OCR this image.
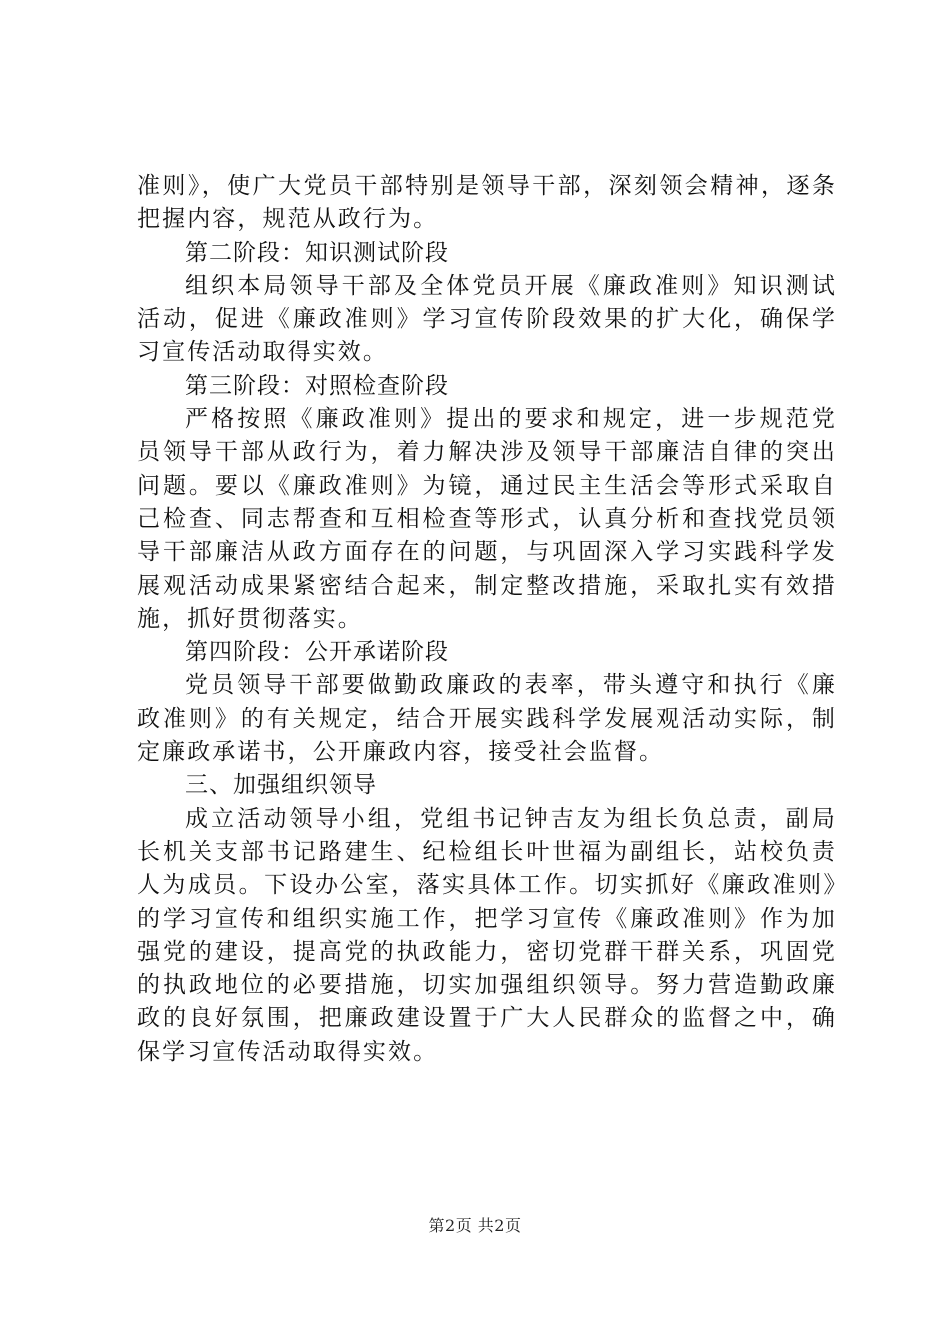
准则》，使广大党员干部特别是领导干部，深刻领会精神，逐条把握内容，规范从政行为。

第二阶段：知识测试阶段

组织本局领导干部及全体党员开展《廉政准则》知识测试活动，促进《廉政准则》学习宣传阶段效果的扩大化，确保学习宣传活动取得实效。

第三阶段：对照检查阶段

严格按照《廉政准则》提出的要求和规定，进一步规范党员领导干部从政行为，着力解决涉及领导干部廉洁自律的突出问题。要以《廉政准则》为镜，通过民主生活会等形式采取自己检查、同志帮查和互相检查等形式，认真分析和查找党员领导干部廉洁从政方面存在的问题，与巩固深入学习实践科学发展观活动成果紧密结合起来，制定整改措施，采取扎实有效措施，抓好贯彻落实。

第四阶段：公开承诺阶段

党员领导干部要做勤政廉政的表率，带头遵守和执行《廉政准则》的有关规定，结合开展实践科学发展观活动实际，制定廉政承诺书，公开廉政内容，接受社会监督。

三、加强组织领导

成立活动领导小组，党组书记钟吉友为组长负总责，副局长机关支部书记路建生、纪检组长叶世福为副组长，站校负责人为成员。下设办公室，落实具体工作。切实抓好《廉政准则》的学习宣传和组织实施工作，把学习宣传《廉政准则》作为加强党的建设，提高党的执政能力，密切党群干群关系，巩固党的执政地位的必要措施，切实加强组织领导。努力营造勤政廉政的良好氛围，把廉政建设置于广大人民群众的监督之中，确保学习宣传活动取得实效。

第2页 共2页
